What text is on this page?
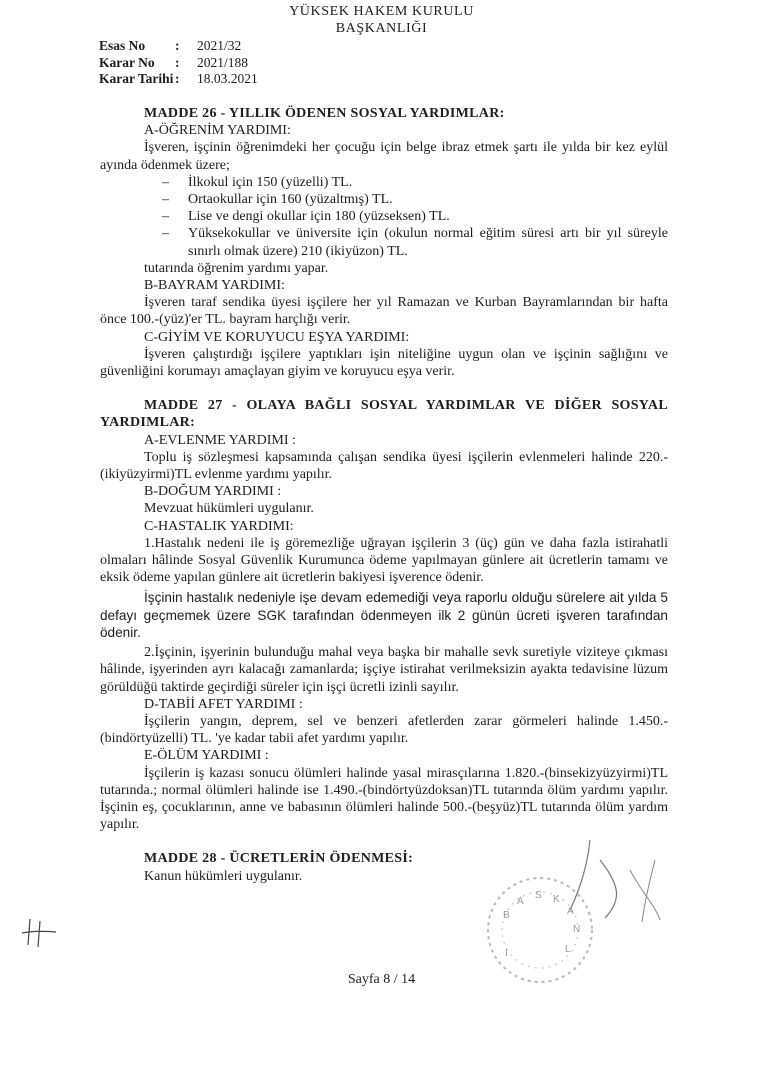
YÜKSEK HAKEM KURULU
BAŞKANLIĞI
Esas No	:	2021/32
Karar No	:	2021/188
Karar Tarihi :	18.03.2021
MADDE 26 - YILLIK ÖDENEN SOSYAL YARDIMLAR:
A-ÖĞRENİM YARDIMI:
İşveren, işçinin öğrenimdeki her çocuğu için belge ibraz etmek şartı ile yılda bir kez eylül ayında ödenmek üzere;
– İlkokul için 150 (yüzelli) TL.
– Ortaokullar için 160 (yüzaltmış) TL.
– Lise ve dengi okullar için 180 (yüzseksen) TL.
– Yüksekokullar ve üniversite için (okulun normal eğitim süresi artı bir yıl süreyle sınırlı olmak üzere) 210 (ikiyüzon) TL.
tutarında öğrenim yardımı yapar.
B-BAYRAM YARDIMI:
İşveren taraf sendika üyesi işçilere her yıl Ramazan ve Kurban Bayramlarından bir hafta önce 100.-(yüz)'er TL. bayram harçlığı verir.
C-GİYİM VE KORUYUCU EŞYA YARDIMI:
İşveren çalıştırdığı işçilere yaptıkları işin niteliğine uygun olan ve işçinin sağlığını ve güvenliğini korumayı amaçlayan giyim ve koruyucu eşya verir.
MADDE 27 - OLAYA BAĞLI SOSYAL YARDIMLAR VE DİĞER SOSYAL YARDIMLAR:
A-EVLENME YARDIMI :
Toplu iş sözleşmesi kapsamında çalışan sendika üyesi işçilerin evlenmeleri halinde 220.-(ikiyüzyirmi)TL evlenme yardımı yapılır.
B-DOĞUM YARDIMI :
Mevzuat hükümleri uygulanır.
C-HASTALIK YARDIMI:
1.Hastalık nedeni ile iş göremezliğe uğrayan işçilerin 3 (üç) gün ve daha fazla istirahatli olmaları hâlinde Sosyal Güvenlik Kurumunca ödeme yapılmayan günlere ait ücretlerin tamamı ve eksik ödeme yapılan günlere ait ücretlerin bakiyesi işverence ödenir.
İşçinin hastalık nedeniyle işe devam edemediği veya raporlu olduğu sürelere ait yılda 5 defayı geçmemek üzere SGK tarafından ödenmeyen ilk 2 günün ücreti işveren tarafından ödenir.
2.İşçinin, işyerinin bulunduğu mahal veya başka bir mahalle sevk suretiyle viziteye çıkması hâlinde, işyerinden ayrı kalacağı zamanlarda; işçiye istirahat verilmeksizin ayakta tedavisine lüzum görüldüğü taktirde geçirdiği süreler için işçi ücretli izinli sayılır.
D-TABİİ AFET YARDIMI :
İşçilerin yangın, deprem, sel ve benzeri afetlerden zarar görmeleri halinde 1.450.-(bindörtyüzelli) TL. 'ye kadar tabii afet yardımı yapılır.
E-ÖLÜM YARDIMI :
İşçilerin iş kazası sonucu ölümleri halinde yasal mirasçılarına 1.820.-(binsekizyüzyirmi)TL tutarında.; normal ölümleri halinde ise 1.490.-(bindörtyüzdoksan)TL tutarında ölüm yardımı yapılır. İşçinin eş, çocuklarının, anne ve babasının ölümleri halinde 500.-(beşyüz)TL tutarında ölüm yardım yapılır.
MADDE 28 - ÜCRETLERİN ÖDENMESİ:
Kanun hükümleri uygulanır.
B
A
S K
A
N
L
I
Sayfa 8 / 14
